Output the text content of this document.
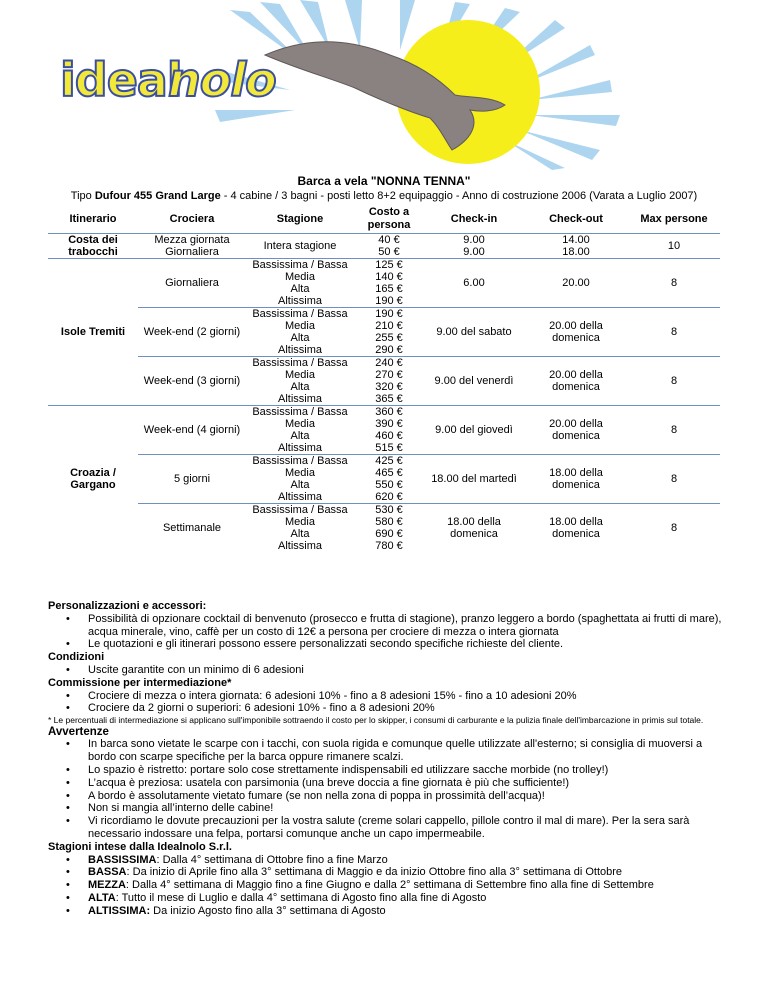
ideal
nolo
Barca a vela "NONNA TENNA"
Tipo Dufour 455 Grand Large - 4 cabine / 3 bagni - posti letto 8+2 equipaggio - Anno di costruzione 2006 (Varata a Luglio 2007)
Itinerario	Crociera	Stagione	Costo a persona	Check-in	Check-out	Max persone
Costa dei trabocchi	Mezza giornata	Intera stagione	40 €	9.00	14.00	10
	Giornaliera		50 €	9.00	18.00	
Isole Tremiti	Giornaliera	Bassissima / Bassa	125 €	6.00	20.00	8
		Media	140 €			
		Alta	165 €			
		Altissima	190 €			
	Week-end (2 giorni)	Bassissima / Bassa	190 €	9.00 del sabato	20.00 della domenica	8
		Media	210 €			
		Alta	255 €			
		Altissima	290 €			
	Week-end (3 giorni)	Bassissima / Bassa	240 €	9.00 del venerdì	20.00 della domenica	8
		Media	270 €			
		Alta	320 €			
		Altissima	365 €			
Croazia / Gargano	Week-end (4 giorni)	Bassissima / Bassa	360 €	9.00 del giovedì	20.00 della domenica	8
		Media	390 €			
		Alta	460 €			
		Altissima	515 €			
	5 giorni	Bassissima / Bassa	425 €	18.00 del martedì	18.00 della domenica	8
		Media	465 €			
		Alta	550 €			
		Altissima	620 €			
	Settimanale	Bassissima / Bassa	530 €	18.00 della domenica	18.00 della domenica	8
		Media	580 €			
		Alta	690 €			
		Altissima	780 €			

Personalizzazioni e accessori:

• Possibilità di opzionare cocktail di benvenuto (prosecco e frutta di stagione), pranzo leggero a bordo (spaghettata ai frutti di mare), acqua minerale, vino, caffè per un costo di 12€ a persona per crociere di mezza o intera giornata
• Le quotazioni e gli itinerari possono essere personalizzati secondo specifiche richieste del cliente.

Condizioni

• Uscite garantite con un minimo di 6 adesioni

Commissione per intermediazione*

• Crociere di mezza o intera giornata: 6 adesioni 10% - fino a 8 adesioni 15% - fino a 10 adesioni 20%
• Crociere da 2 giorni o superiori: 6 adesioni 10% - fino a 8 adesioni 20%

* Le percentuali di intermediazione si applicano sull'imponibile sottraendo il costo per lo skipper, i consumi di carburante e la pulizia finale dell'imbarcazione in primis sul totale.

Avvertenze

• In barca sono vietate le scarpe con i tacchi, con suola rigida e comunque quelle utilizzate all'esterno; si consiglia di muoversi a bordo con scarpe specifiche per la barca oppure rimanere scalzi.
• Lo spazio è ristretto: portare solo cose strettamente indispensabili ed utilizzare sacche morbide (no trolley!)
• L’acqua è preziosa: usatela con parsimonia (una breve doccia a fine giornata è più che sufficiente!)
• A bordo è assolutamente vietato fumare (se non nella zona di poppa in prossimità dell’acqua)!
• Non si mangia all’interno delle cabine!
• Vi ricordiamo le dovute precauzioni per la vostra salute (creme solari cappello, pillole contro il mal di mare). Per la sera sarà necessario indossare una felpa, portarsi comunque anche un capo impermeabile.

Stagioni intese dalla Idealnolo S.r.l.

• BASSISSIMA: Dalla 4° settimana di Ottobre fino a fine Marzo
• BASSA: Da inizio di Aprile fino alla 3° settimana di Maggio e da inizio Ottobre fino alla 3° settimana di Ottobre
• MEZZA: Dalla 4° settimana di Maggio fino a fine Giugno e dalla 2° settimana di Settembre fino alla fine di Settembre
• ALTA: Tutto il mese di Luglio e dalla 4° settimana di Agosto fino alla fine di Agosto
• ALTISSIMA: Da inizio Agosto fino alla 3° settimana di Agosto
